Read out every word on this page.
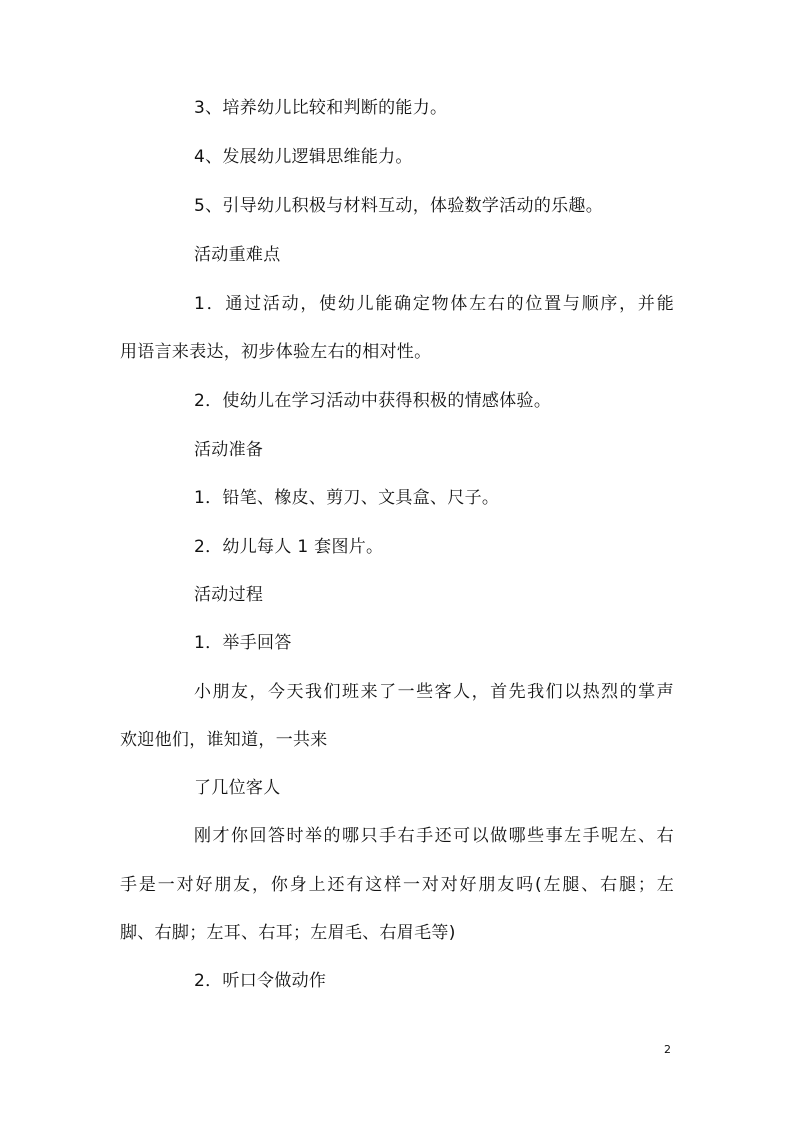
3、培养幼儿比较和判断的能力。
4、发展幼儿逻辑思维能力。
5、引导幼儿积极与材料互动，体验数学活动的乐趣。
活动重难点
1．通过活动，使幼儿能确定物体左右的位置与顺序，并能
用语言来表达，初步体验左右的相对性。
2．使幼儿在学习活动中获得积极的情感体验。
活动准备
1．铅笔、橡皮、剪刀、文具盒、尺子。
2．幼儿每人 1 套图片。
活动过程
1．举手回答
小朋友，今天我们班来了一些客人，首先我们以热烈的掌声
欢迎他们，谁知道，一共来
了几位客人
刚才你回答时举的哪只手右手还可以做哪些事左手呢左、右
手是一对好朋友，你身上还有这样一对对好朋友吗(左腿、右腿；左
脚、右脚；左耳、右耳；左眉毛、右眉毛等)
2．听口令做动作
2
